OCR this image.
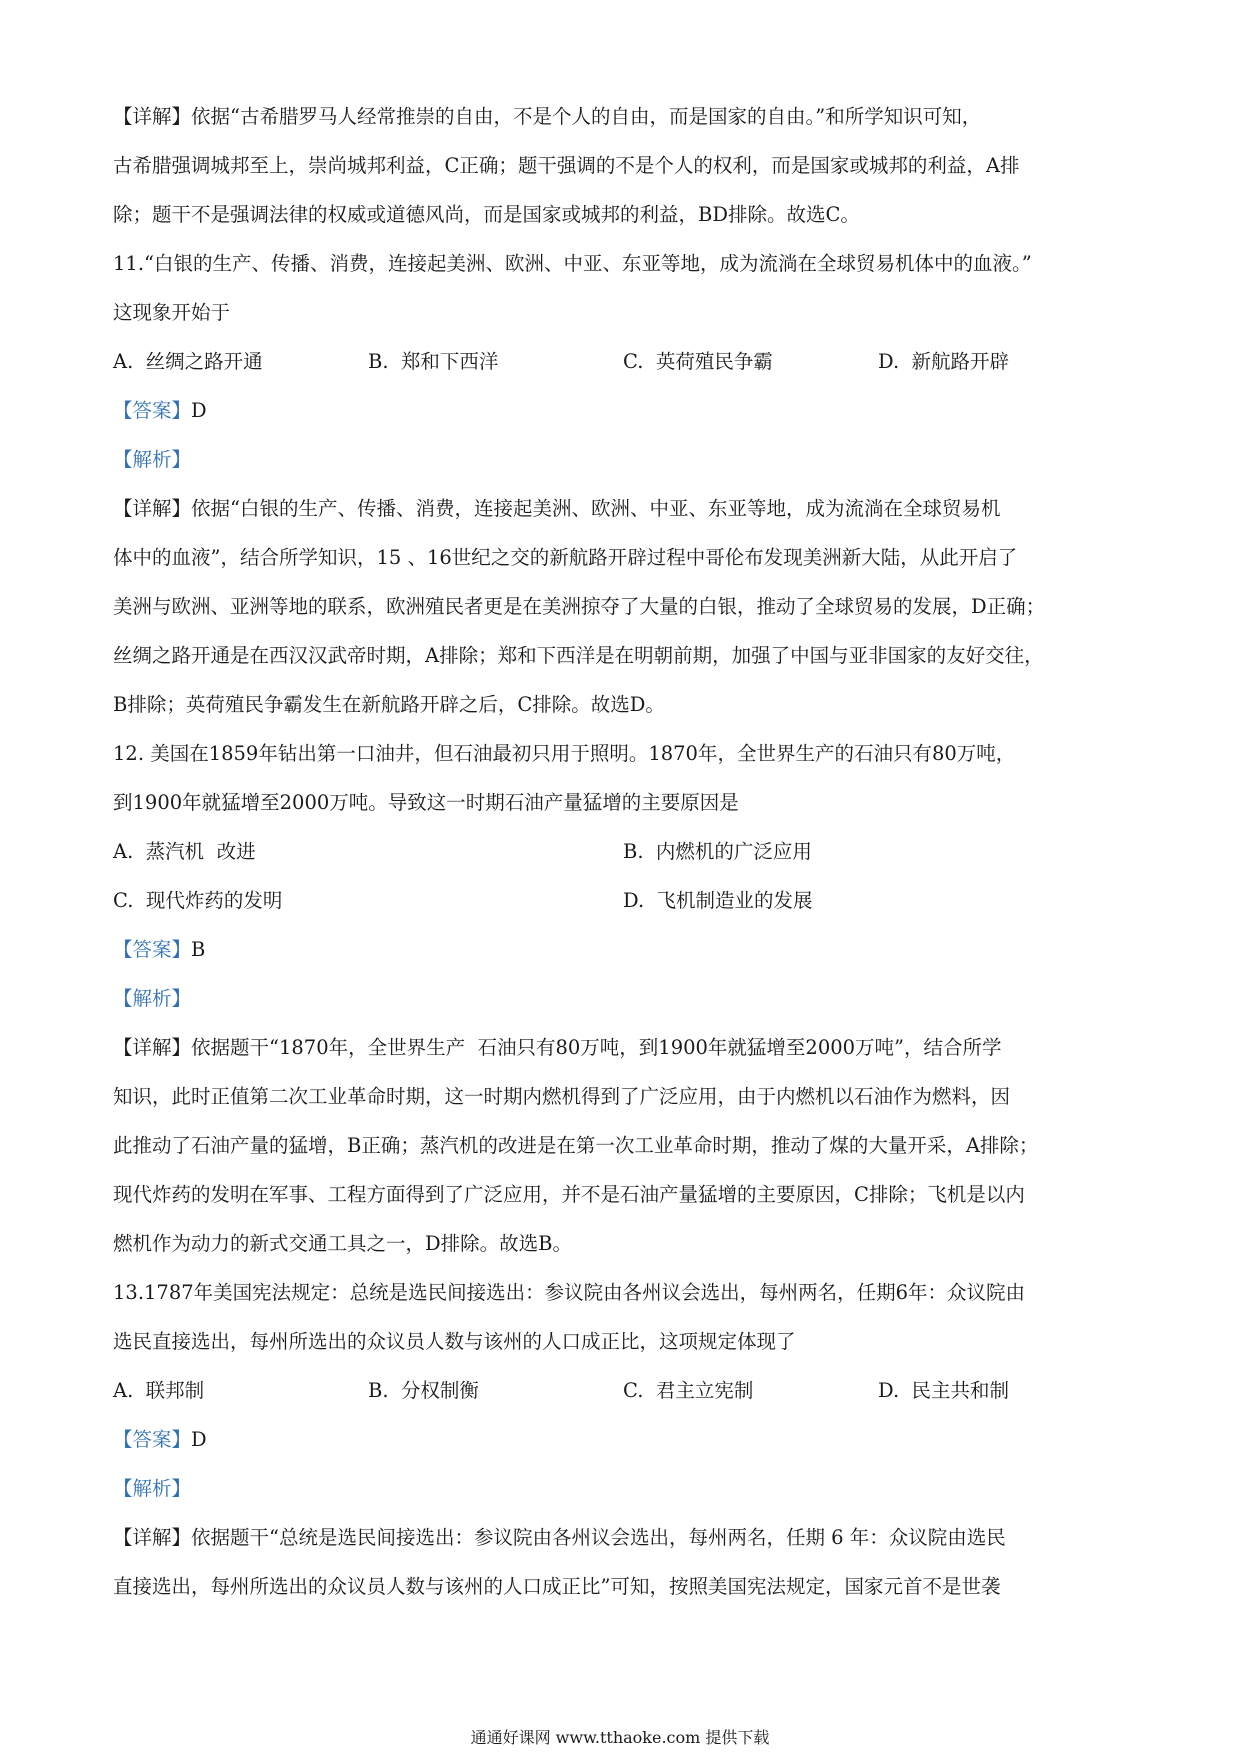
【详解】依据“古希腊罗马人经常推崇的自由，不是个人的自由，而是国家的自由。”和所学知识可知，
古希腊强调城邦至上，崇尚城邦利益，C正确；题干强调的不是个人的权利，而是国家或城邦的利益，A排
除；题干不是强调法律的权威或道德风尚，而是国家或城邦的利益，BD排除。故选C。
11.“白银的生产、传播、消费，连接起美洲、欧洲、中亚、东亚等地，成为流淌在全球贸易机体中的血液。”
这现象开始于
A.  丝绸之路开通	B.  郑和下西洋	C.  英荷殖民争霸	D.  新航路开辟
【答案】D
【解析】
【详解】依据“白银的生产、传播、消费，连接起美洲、欧洲、中亚、东亚等地，成为流淌在全球贸易机
体中的血液”，结合所学知识，15 、16世纪之交的新航路开辟过程中哥伦布发现美洲新大陆，从此开启了
美洲与欧洲、亚洲等地的联系，欧洲殖民者更是在美洲掠夺了大量的白银，推动了全球贸易的发展，D正确；
丝绸之路开通是在西汉汉武帝时期，A排除；郑和下西洋是在明朝前期，加强了中国与亚非国家的友好交往，
B排除；英荷殖民争霸发生在新航路开辟之后，C排除。故选D。
12. 美国在1859年钻出第一口油井，但石油最初只用于照明。1870年，全世界生产的石油只有80万吨，
到1900年就猛增至2000万吨。导致这一时期石油产量猛增的主要原因是
A.  蒸汽机  改进	B.  内燃机的广泛应用
C.  现代炸药的发明	D.  飞机制造业的发展
【答案】B
【解析】
【详解】依据题干“1870年，全世界生产  石油只有80万吨，到1900年就猛增至2000万吨”，结合所学
知识，此时正值第二次工业革命时期，这一时期内燃机得到了广泛应用，由于内燃机以石油作为燃料，因
此推动了石油产量的猛增，B正确；蒸汽机的改进是在第一次工业革命时期，推动了煤的大量开采，A排除；
现代炸药的发明在军事、工程方面得到了广泛应用，并不是石油产量猛增的主要原因，C排除；飞机是以内
燃机作为动力的新式交通工具之一，D排除。故选B。
13.1787年美国宪法规定：总统是选民间接选出：参议院由各州议会选出，每州两名，任期6年：众议院由
选民直接选出，每州所选出的众议员人数与该州的人口成正比，这项规定体现了
A.  联邦制	B.  分权制衡	C.  君主立宪制	D.  民主共和制
【答案】D
【解析】
【详解】依据题干“总统是选民间接选出：参议院由各州议会选出，每州两名，任期 6 年：众议院由选民
直接选出，每州所选出的众议员人数与该州的人口成正比”可知，按照美国宪法规定，国家元首不是世袭
通通好课网 www.tthaoke.com 提供下载
